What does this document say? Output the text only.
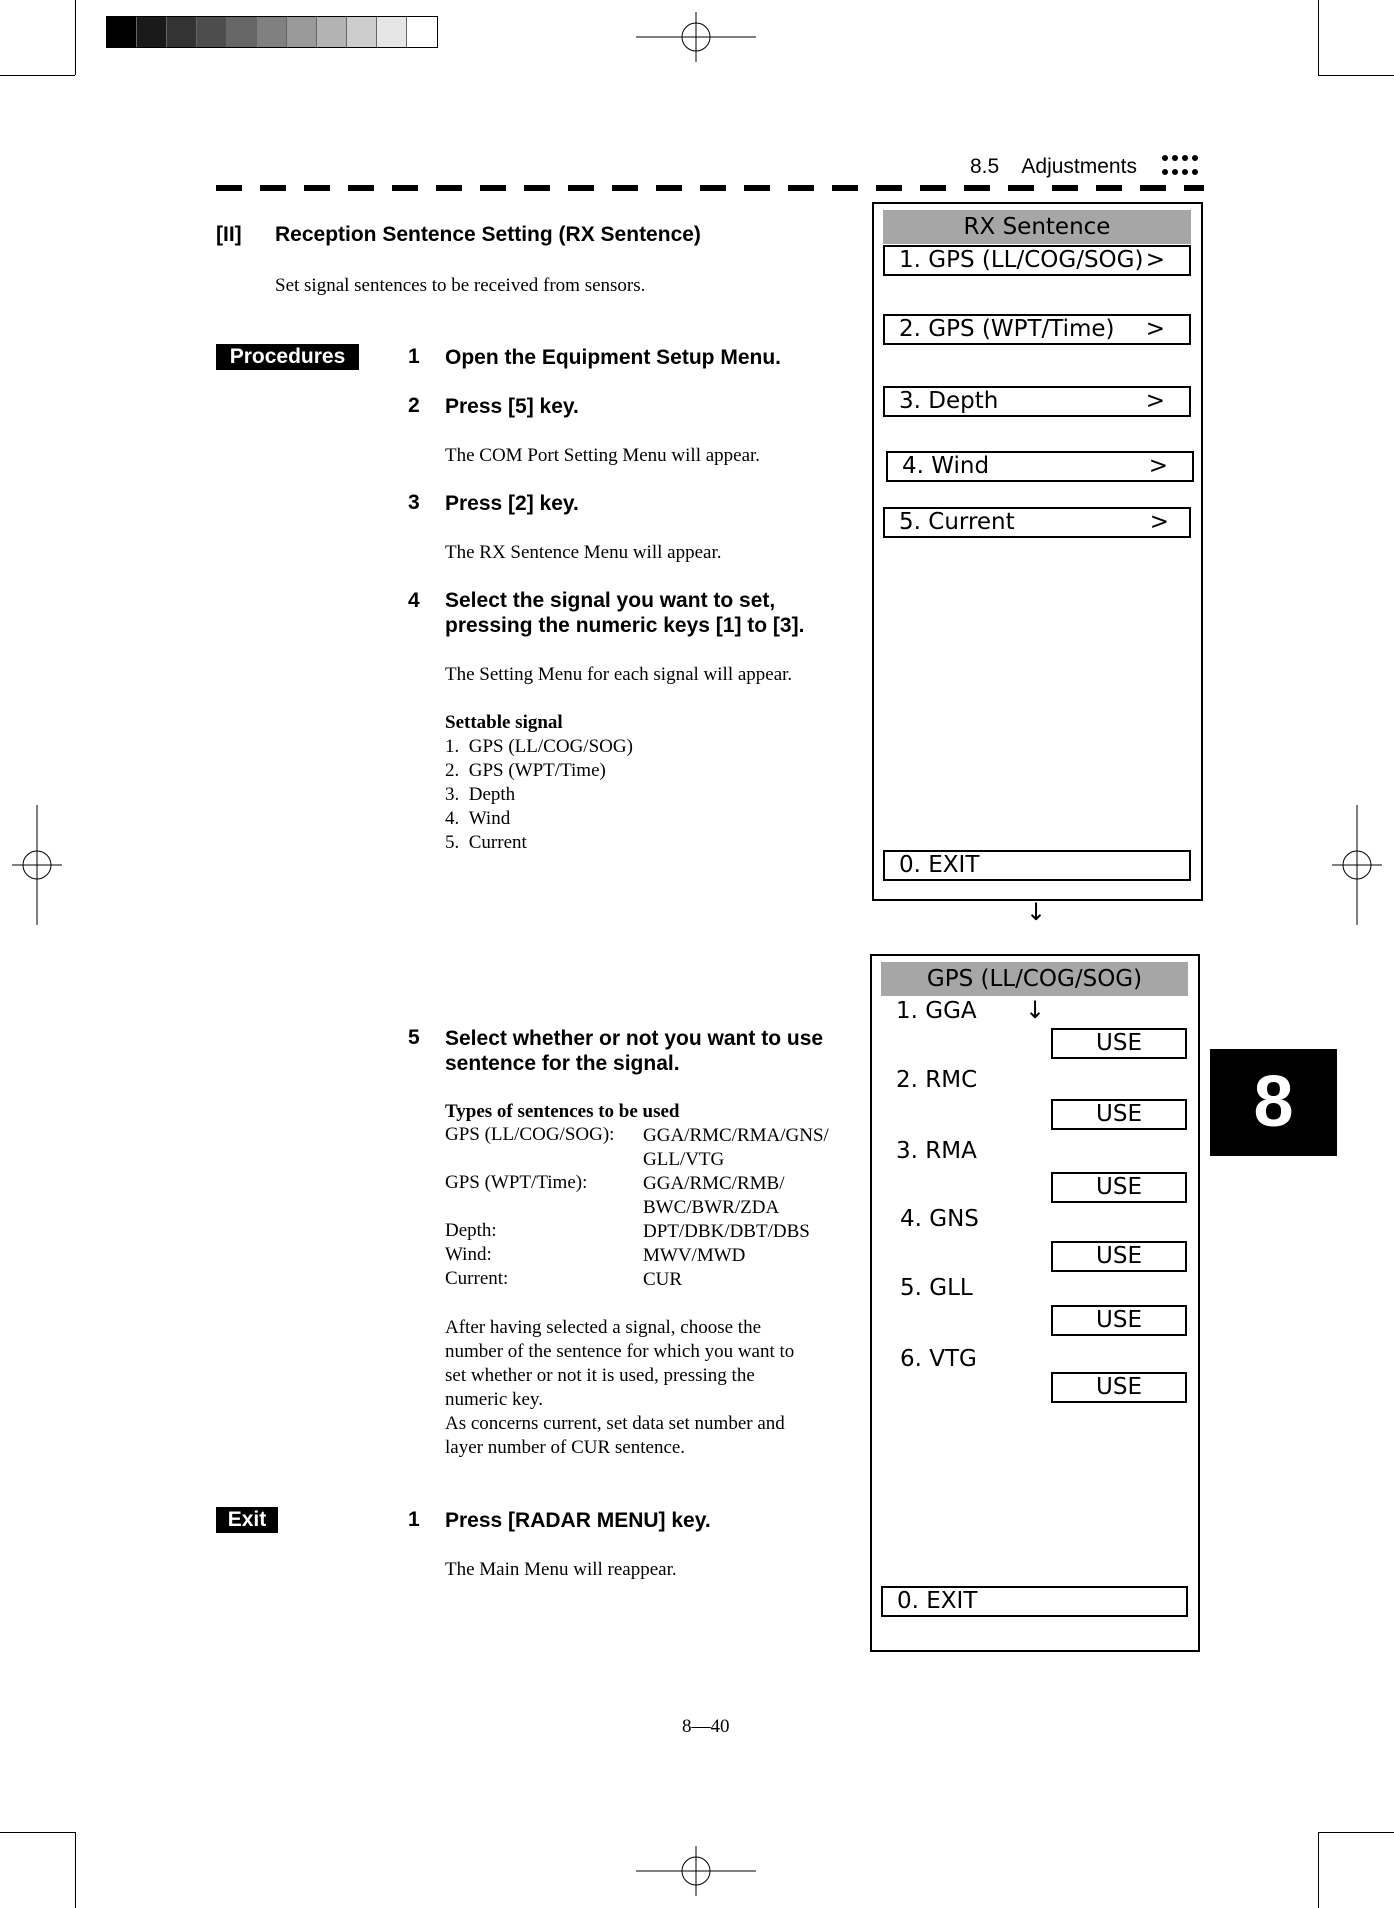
8.5 Adjustments
[II] Reception Sentence Setting (RX Sentence)
Set signal sentences to be received from sensors.
Procedures	1 Open the Equipment Setup Menu.
2 Press [5] key.
The COM Port Setting Menu will appear.
3 Press [2] key.
The RX Sentence Menu will appear.
4 Select the signal you want to set,
pressing the numeric keys [1] to [3].
The Setting Menu for each signal will appear.
Settable signal
1. GPS (LL/COG/SOG)
2. GPS (WPT/Time)
3. Depth
4. Wind
5. Current
5 Select whether or not you want to use
sentence for the signal.
Types of sentences to be used
GPS (LL/COG/SOG): GGA/RMC/RMA/GNS/
GLL/VTG
GPS (WPT/Time):	GGA/RMC/RMB/
BWC/BWR/ZDA
Depth:	DPT/DBK/DBT/DBS
Wind:	MWV/MWD
Current:	CUR
After having selected a signal, choose the
number of the sentence for which you want to
set whether or not it is used, pressing the
numeric key.
As concerns current, set data set number and
layer number of CUR sentence.
Exit	1 Press [RADAR MENU] key.
The Main Menu will reappear.
RX Sentence
1. GPS (LL/COG/SOG) >
2. GPS (WPT/Time) >
3. Depth	>
4. Wind	>
5. Current	>
0. EXIT
↓
GPS (LL/COG/SOG)
↓
1. GGA
USE
2. RMC
USE
3. RMA
USE
4. GNS
USE
5. GLL
USE
6. VTG
USE
0. EXIT
8
8—40
